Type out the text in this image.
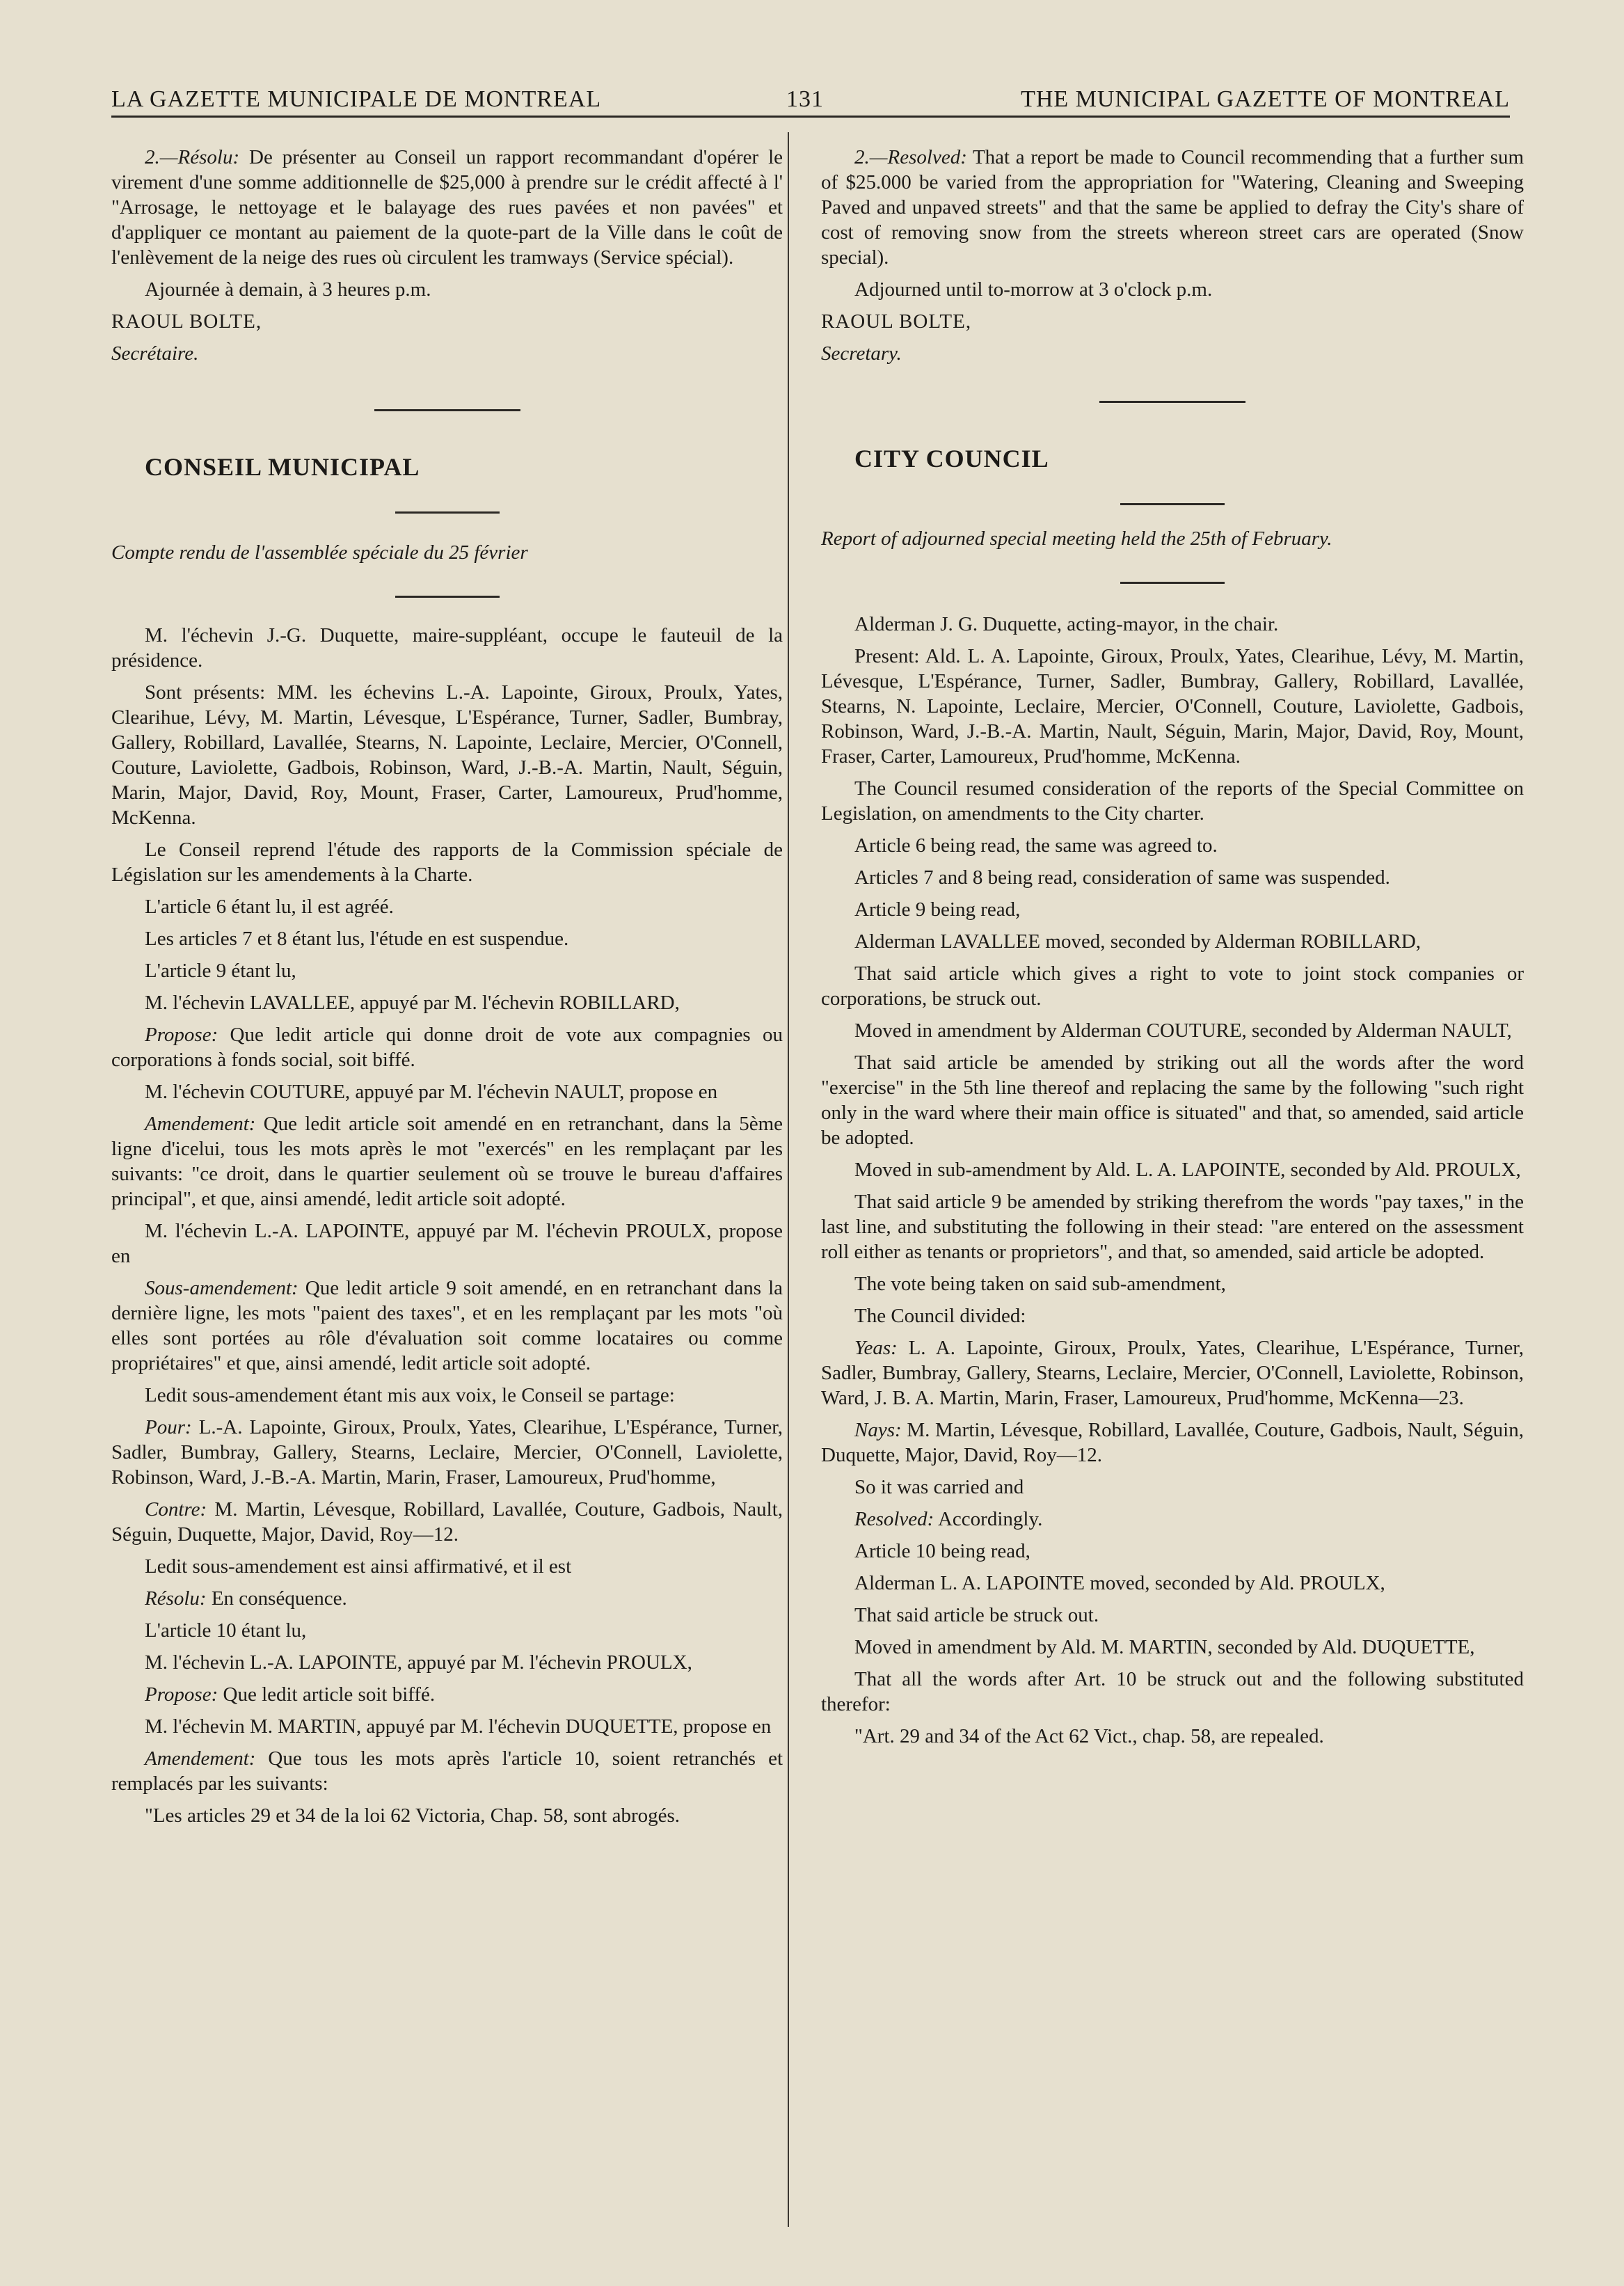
LA GAZETTE MUNICIPALE DE MONTREAL	131	THE MUNICIPAL GAZETTE OF MONTREAL

2.—Résolu: De présenter au Conseil un rapport recommandant d'opérer le virement d'une somme additionnelle de $25,000 à prendre sur le crédit affecté à l' "Arrosage, le nettoyage et le balayage des rues pavées et non pavées" et d'appliquer ce montant au paiement de la quote-part de la Ville dans le coût de l'enlèvement de la neige des rues où circulent les tramways (Service spécial).

Ajournée à demain, à 3 heures p.m.

RAOUL BOLTE,

Secrétaire.

CONSEIL MUNICIPAL

Compte rendu de l'assemblée spéciale du 25 février

M. l'échevin J.-G. Duquette, maire-suppléant, occupe le fauteuil de la présidence.

Sont présents: MM. les échevins L.-A. Lapointe, Giroux, Proulx, Yates, Clearihue, Lévy, M. Martin, Lévesque, L'Espérance, Turner, Sadler, Bumbray, Gallery, Robillard, Lavallée, Stearns, N. Lapointe, Leclaire, Mercier, O'Connell, Couture, Laviolette, Gadbois, Robinson, Ward, J.-B.-A. Martin, Nault, Séguin, Marin, Major, David, Roy, Mount, Fraser, Carter, Lamoureux, Prud'homme, McKenna.

Le Conseil reprend l'étude des rapports de la Commission spéciale de Législation sur les amendements à la Charte.

L'article 6 étant lu, il est agréé.

Les articles 7 et 8 étant lus, l'étude en est suspendue.

L'article 9 étant lu,

M. l'échevin LAVALLEE, appuyé par M. l'échevin ROBILLARD,

Propose: Que ledit article qui donne droit de vote aux compagnies ou corporations à fonds social, soit biffé.

M. l'échevin COUTURE, appuyé par M. l'échevin NAULT, propose en

Amendement: Que ledit article soit amendé en en retranchant, dans la 5ème ligne d'icelui, tous les mots après le mot "exercés" en les remplaçant par les suivants: "ce droit, dans le quartier seulement où se trouve le bureau d'affaires principal", et que, ainsi amendé, ledit article soit adopté.

M. l'échevin L.-A. LAPOINTE, appuyé par M. l'échevin PROULX, propose en

Sous-amendement: Que ledit article 9 soit amendé, en en retranchant dans la dernière ligne, les mots "paient des taxes", et en les remplaçant par les mots "où elles sont portées au rôle d'évaluation soit comme locataires ou comme propriétaires" et que, ainsi amendé, ledit article soit adopté.

Ledit sous-amendement étant mis aux voix, le Conseil se partage:

Pour: L.-A. Lapointe, Giroux, Proulx, Yates, Clearihue, L'Espérance, Turner, Sadler, Bumbray, Gallery, Stearns, Leclaire, Mercier, O'Connell, Laviolette, Robinson, Ward, J.-B.-A. Martin, Marin, Fraser, Lamoureux, Prud'homme,

Contre: M. Martin, Lévesque, Robillard, Lavallée, Couture, Gadbois, Nault, Séguin, Duquette, Major, David, Roy—12.

Ledit sous-amendement est ainsi affirmativé, et il est

Résolu: En conséquence.

L'article 10 étant lu,

M. l'échevin L.-A. LAPOINTE, appuyé par M. l'échevin PROULX,

Propose: Que ledit article soit biffé.

M. l'échevin M. MARTIN, appuyé par M. l'échevin DUQUETTE, propose en

Amendement: Que tous les mots après l'article 10, soient retranchés et remplacés par les suivants:

"Les articles 29 et 34 de la loi 62 Victoria, Chap. 58, sont abrogés.

2.—Resolved: That a report be made to Council recommending that a further sum of $25.000 be varied from the appropriation for "Watering, Cleaning and Sweeping Paved and unpaved streets" and that the same be applied to defray the City's share of cost of removing snow from the streets whereon street cars are operated (Snow special).

Adjourned until to-morrow at 3 o'clock p.m.

RAOUL BOLTE,

Secretary.

CITY COUNCIL

Report of adjourned special meeting held the 25th of February.

Alderman J. G. Duquette, acting-mayor, in the chair.

Present: Ald. L. A. Lapointe, Giroux, Proulx, Yates, Clearihue, Lévy, M. Martin, Lévesque, L'Espérance, Turner, Sadler, Bumbray, Gallery, Robillard, Lavallée, Stearns, N. Lapointe, Leclaire, Mercier, O'Connell, Couture, Laviolette, Gadbois, Robinson, Ward, J.-B.-A. Martin, Nault, Séguin, Marin, Major, David, Roy, Mount, Fraser, Carter, Lamoureux, Prud'homme, McKenna.

The Council resumed consideration of the reports of the Special Committee on Legislation, on amendments to the City charter.

Article 6 being read, the same was agreed to.

Articles 7 and 8 being read, consideration of same was suspended.

Article 9 being read,

Alderman LAVALLEE moved, seconded by Alderman ROBILLARD,

That said article which gives a right to vote to joint stock companies or corporations, be struck out.

Moved in amendment by Alderman COUTURE, seconded by Alderman NAULT,

That said article be amended by striking out all the words after the word "exercise" in the 5th line thereof and replacing the same by the following "such right only in the ward where their main office is situated" and that, so amended, said article be adopted.

Moved in sub-amendment by Ald. L. A. LAPOINTE, seconded by Ald. PROULX,

That said article 9 be amended by striking therefrom the words "pay taxes," in the last line, and substituting the following in their stead: "are entered on the assessment roll either as tenants or proprietors", and that, so amended, said article be adopted.

The vote being taken on said sub-amendment,

The Council divided:

Yeas: L. A. Lapointe, Giroux, Proulx, Yates, Clearihue, L'Espérance, Turner, Sadler, Bumbray, Gallery, Stearns, Leclaire, Mercier, O'Connell, Laviolette, Robinson, Ward, J. B. A. Martin, Marin, Fraser, Lamoureux, Prud'homme, McKenna—23.

Nays: M. Martin, Lévesque, Robillard, Lavallée, Couture, Gadbois, Nault, Séguin, Duquette, Major, David, Roy—12.

So it was carried and

Resolved: Accordingly.

Article 10 being read,

Alderman L. A. LAPOINTE moved, seconded by Ald. PROULX,

That said article be struck out.

Moved in amendment by Ald. M. MARTIN, seconded by Ald. DUQUETTE,

That all the words after Art. 10 be struck out and the following substituted therefor:

"Art. 29 and 34 of the Act 62 Vict., chap. 58, are repealed.
